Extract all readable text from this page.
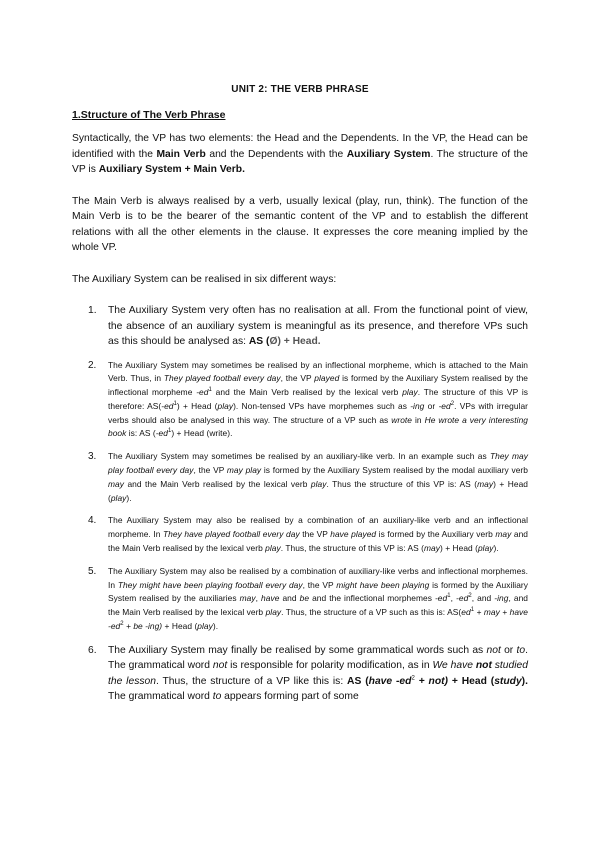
UNIT 2: THE VERB PHRASE
1.Structure of The Verb Phrase

Syntactically, the VP has two elements: the Head and the Dependents. In the VP, the Head can be identified with the Main Verb and the Dependents with the Auxiliary System. The structure of the VP is Auxiliary System + Main Verb.

The Main Verb is always realised by a verb, usually lexical (play, run, think). The function of the Main Verb is to be the bearer of the semantic content of the VP and to establish the different relations with all the other elements in the clause. It expresses the core meaning implied by the whole VP.

The Auxiliary System can be realised in six different ways:

1. The Auxiliary System very often has no realisation at all. From the functional point of view, the absence of an auxiliary system is meaningful as its presence, and therefore VPs such as this should be analysed as: AS (Ø) + Head.

2. The Auxiliary System may sometimes be realised by an inflectional morpheme, which is attached to the Main Verb. Thus, in They played football every day, the VP played is formed by the Auxiliary System realised by the inflectional morpheme $-ed^1$ and the Main Verb realised by the lexical verb play. The structure of this VP is therefore: $AS(-ed^1)$ + Head (play). Non-tensed VPs have morphemes such as -ing or $-ed^2$. VPs with irregular verbs should also be analysed in this way. The structure of a VP such as wrote in He wrote a very interesting book is: AS $(-ed^1)$ + Head (write).

3. The Auxiliary System may sometimes be realised by an auxiliary-like verb. In an example such as They may play football every day, the VP may play is formed by the Auxiliary System realised by the modal auxiliary verb may and the Main Verb realised by the lexical verb play. Thus the structure of this VP is: AS (may) + Head (play).

4. The Auxiliary System may also be realised by a combination of an auxiliary-like verb and an inflectional morpheme. In They have played football every day the VP have played is formed by the Auxiliary verb may and the Main Verb realised by the lexical verb play. Thus, the structure of this VP is: AS (may) + Head (play).

5. The Auxiliary System may also be realised by a combination of auxiliary-like verbs and inflectional morphemes. In They might have been playing football every day, the VP might have been playing is formed by the Auxiliary System realised by the auxiliaries may, have and be and the inflectional morphemes $-ed^1$, $-ed^2$, and -ing, and the Main Verb realised by the lexical verb play. Thus, the structure of a VP such as this is: $AS(ed^1$ + may + have $-ed^2$ + be -ing) + Head (play).

6. The Auxiliary System may finally be realised by some grammatical words such as not or to. The grammatical word not is responsible for polarity modification, as in We have not studied the lesson. Thus, the structure of a VP like this is: AS (have $-ed^2 + not$) + Head (study). The grammatical word to appears forming part of some
